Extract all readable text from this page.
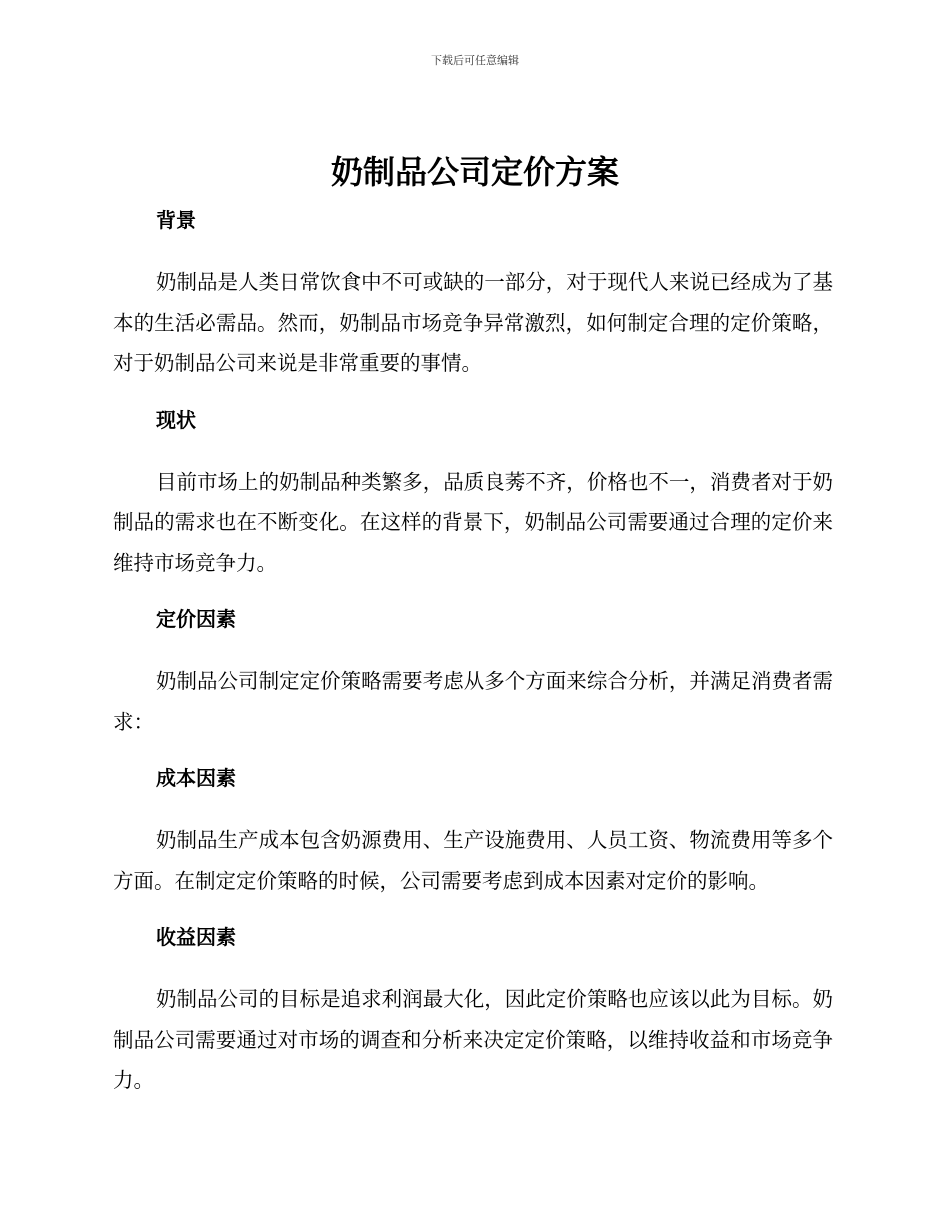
下载后可任意编辑
奶制品公司定价方案
背景

奶制品是人类日常饮食中不可或缺的一部分，对于现代人来说已经成为了基本的生活必需品。然而，奶制品市场竞争异常激烈，如何制定合理的定价策略，对于奶制品公司来说是非常重要的事情。

现状

目前市场上的奶制品种类繁多，品质良莠不齐，价格也不一，消费者对于奶制品的需求也在不断变化。在这样的背景下，奶制品公司需要通过合理的定价来维持市场竞争力。

定价因素

奶制品公司制定定价策略需要考虑从多个方面来综合分析，并满足消费者需求：

成本因素

奶制品生产成本包含奶源费用、生产设施费用、人员工资、物流费用等多个方面。在制定定价策略的时候，公司需要考虑到成本因素对定价的影响。

收益因素

奶制品公司的目标是追求利润最大化，因此定价策略也应该以此为目标。奶制品公司需要通过对市场的调查和分析来决定定价策略，以维持收益和市场竞争力。
